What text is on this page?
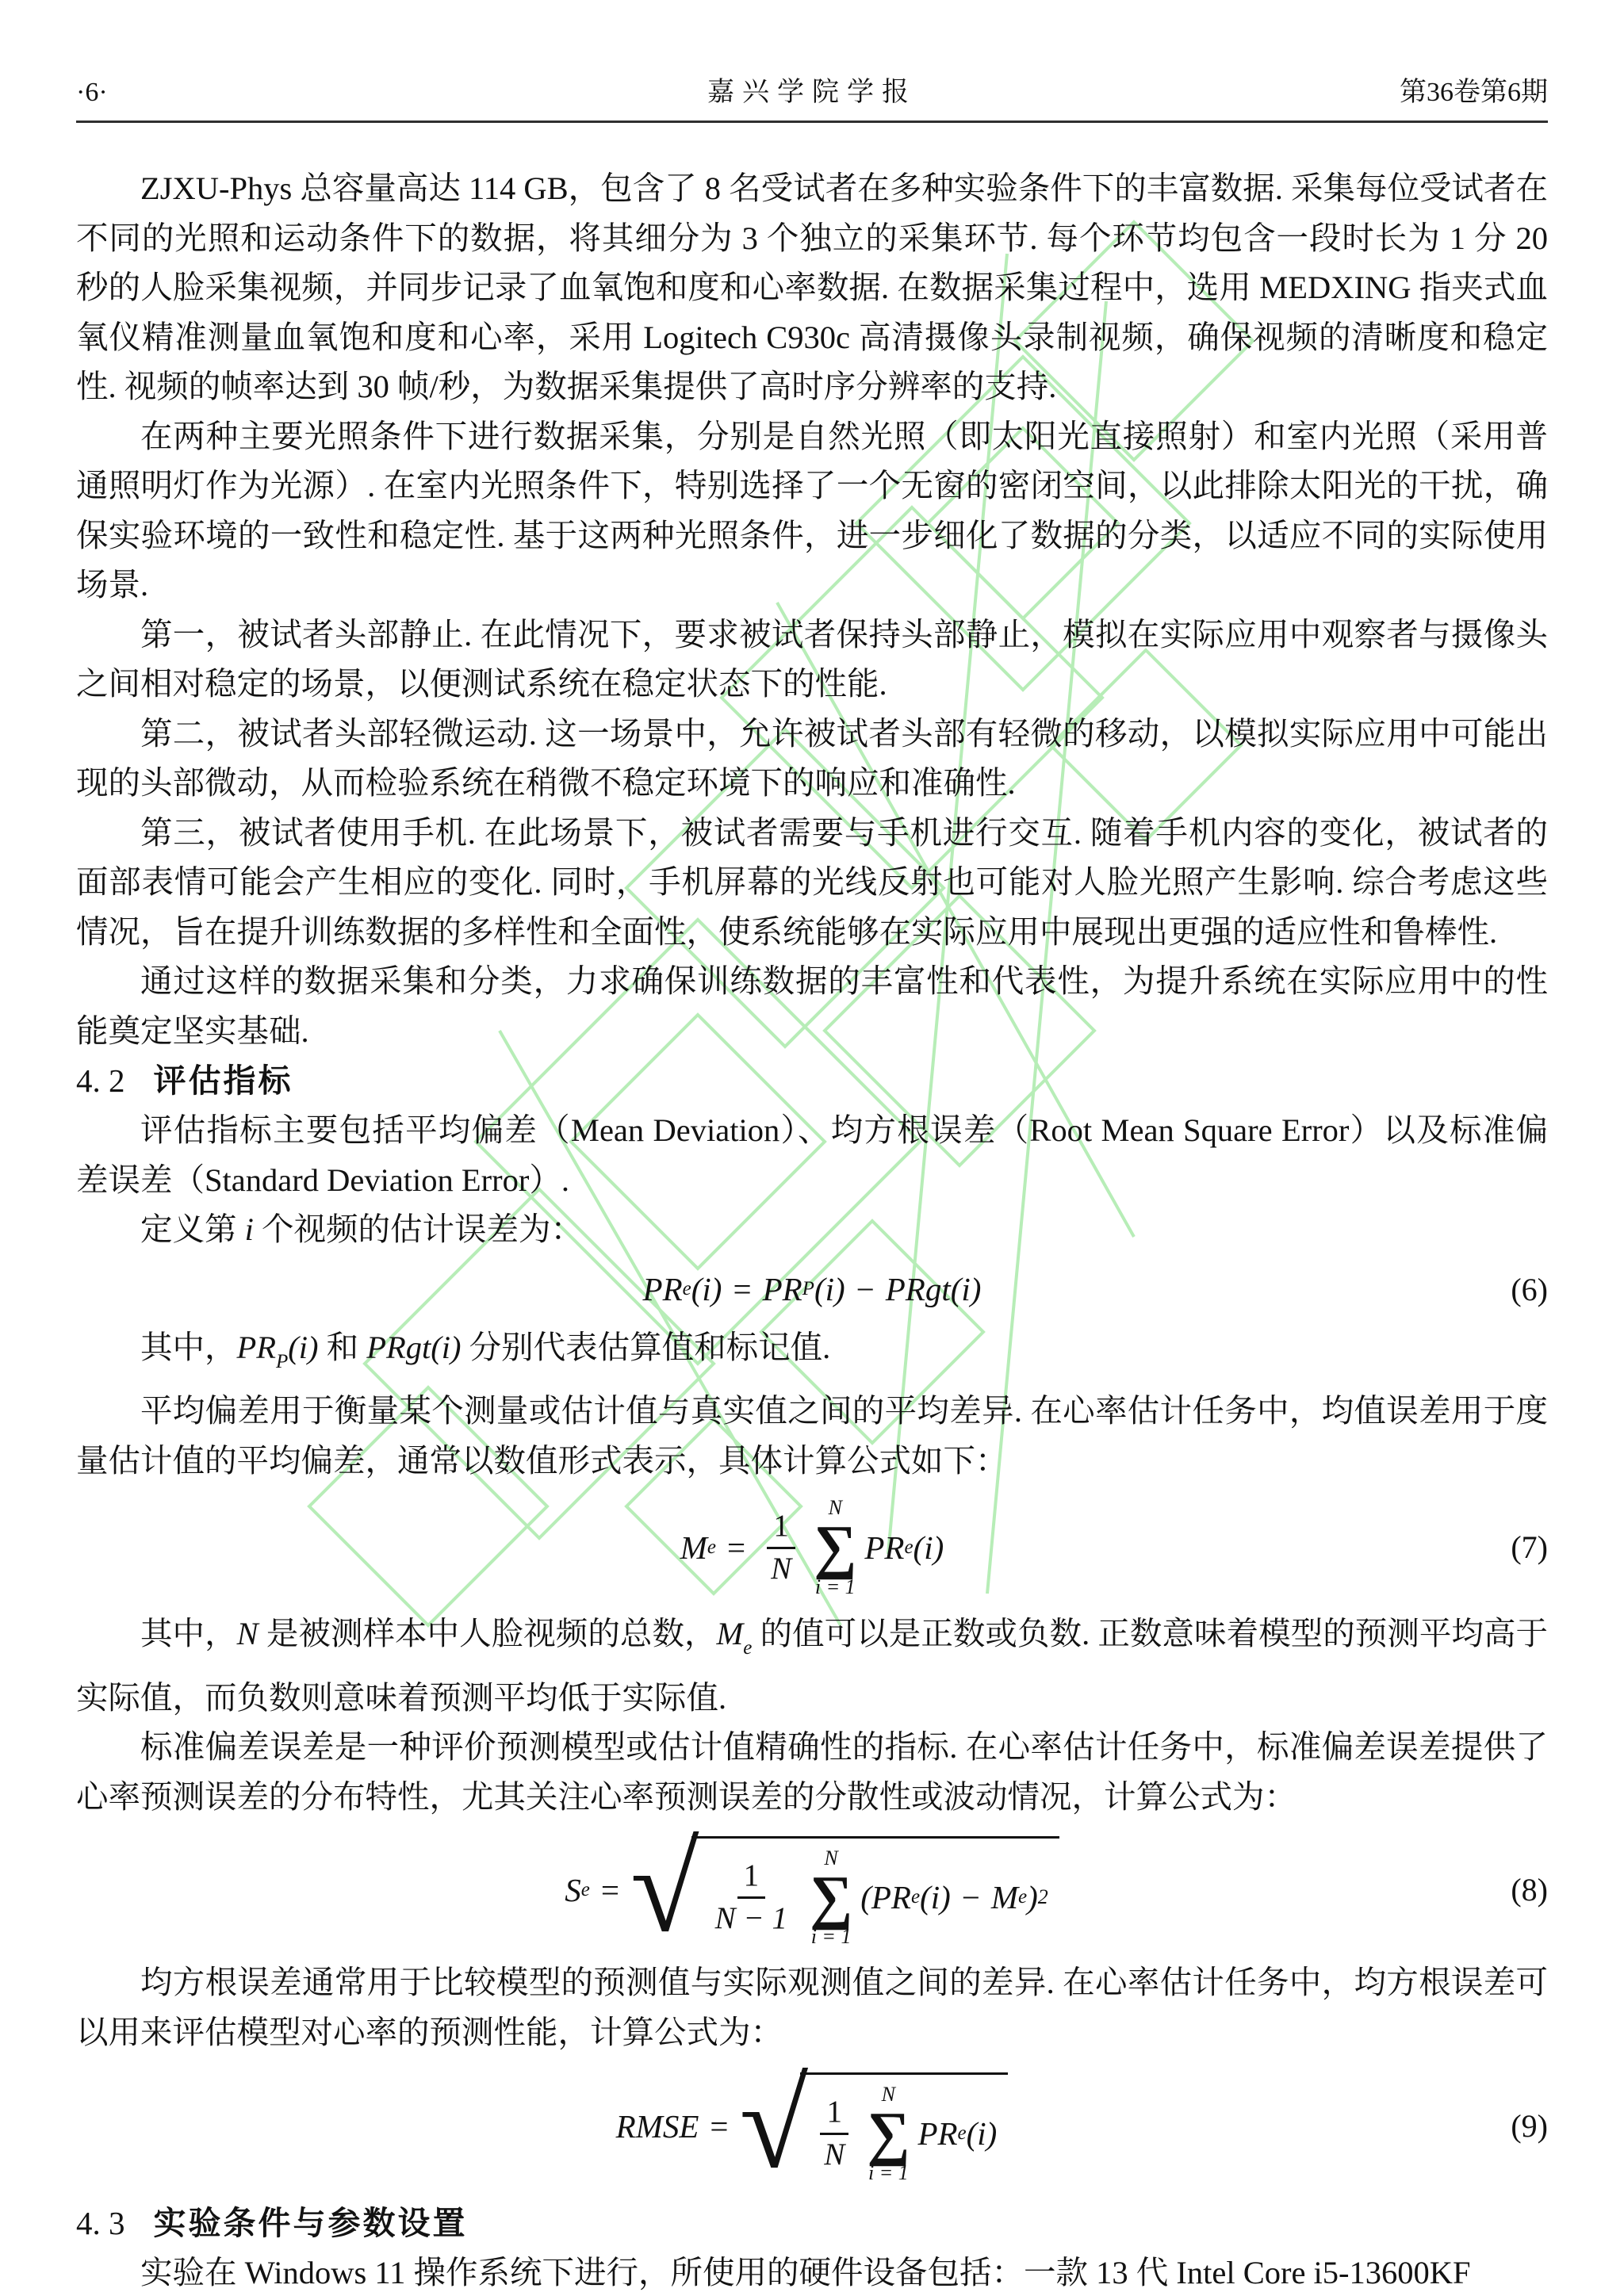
·6·	嘉兴学院学报	第36卷第6期

ZJXU-Phys 总容量高达 114 GB，包含了 8 名受试者在多种实验条件下的丰富数据. 采集每位受试者在不同的光照和运动条件下的数据，将其细分为 3 个独立的采集环节. 每个环节均包含一段时长为 1 分 20 秒的人脸采集视频，并同步记录了血氧饱和度和心率数据. 在数据采集过程中，选用 MEDXING 指夹式血氧仪精准测量血氧饱和度和心率，采用 Logitech C930c 高清摄像头录制视频，确保视频的清晰度和稳定性. 视频的帧率达到 30 帧/秒，为数据采集提供了高时序分辨率的支持.

在两种主要光照条件下进行数据采集，分别是自然光照（即太阳光直接照射）和室内光照（采用普通照明灯作为光源）. 在室内光照条件下，特别选择了一个无窗的密闭空间，以此排除太阳光的干扰，确保实验环境的一致性和稳定性. 基于这两种光照条件，进一步细化了数据的分类，以适应不同的实际使用场景.

第一，被试者头部静止. 在此情况下，要求被试者保持头部静止，模拟在实际应用中观察者与摄像头之间相对稳定的场景，以便测试系统在稳定状态下的性能.

第二，被试者头部轻微运动. 这一场景中，允许被试者头部有轻微的移动，以模拟实际应用中可能出现的头部微动，从而检验系统在稍微不稳定环境下的响应和准确性.

第三，被试者使用手机. 在此场景下，被试者需要与手机进行交互. 随着手机内容的变化，被试者的面部表情可能会产生相应的变化. 同时，手机屏幕的光线反射也可能对人脸光照产生影响. 综合考虑这些情况，旨在提升训练数据的多样性和全面性，使系统能够在实际应用中展现出更强的适应性和鲁棒性.

通过这样的数据采集和分类，力求确保训练数据的丰富性和代表性，为提升系统在实际应用中的性能奠定坚实基础.

4. 2 评估指标

评估指标主要包括平均偏差（Mean Deviation）、均方根误差（Root Mean Square Error）以及标准偏差误差（Standard Deviation Error）.

定义第 i 个视频的估计误差为：

PR e (i) = PR P (i) − PRgt (i)	(6)

其中，$PR_P(i)$ 和 PRgt(i) 分别代表估算值和标记值.

平均偏差用于衡量某个测量或估计值与真实值之间的平均差异. 在心率估计任务中，均值误差用于度量估计值的平均偏差，通常以数值形式表示，具体计算公式如下：

M $e = \frac{1}{N}$
N
∑
i = 1
PR e (i)	(7)

其中，N 是被测样本中人脸视频的总数，$M_e$ 的值可以是正数或负数. 正数意味着模型的预测平均高于实际值，而负数则意味着预测平均低于实际值.

标准偏差误差是一种评价预测模型或估计值精确性的指标. 在心率估计任务中，标准偏差误差提供了心率预测误差的分布特性，尤其关注心率预测误差的分散性或波动情况，计算公式为：

S e = √ $\frac{1}{N - 1}$
N
∑
i = 1
( PR e (i) − M e ) 2	(8)

均方根误差通常用于比较模型的预测值与实际观测值之间的差异. 在心率估计任务中，均方根误差可以用来评估模型对心率的预测性能，计算公式为：

RMSE = √ $\frac{1}{N}$
N
∑
i = 1
PR e (i)	(9)

4. 3 实验条件与参数设置

实验在 Windows 11 操作系统下进行，所使用的硬件设备包括：一款 13 代 Intel Core i5-13600KF
